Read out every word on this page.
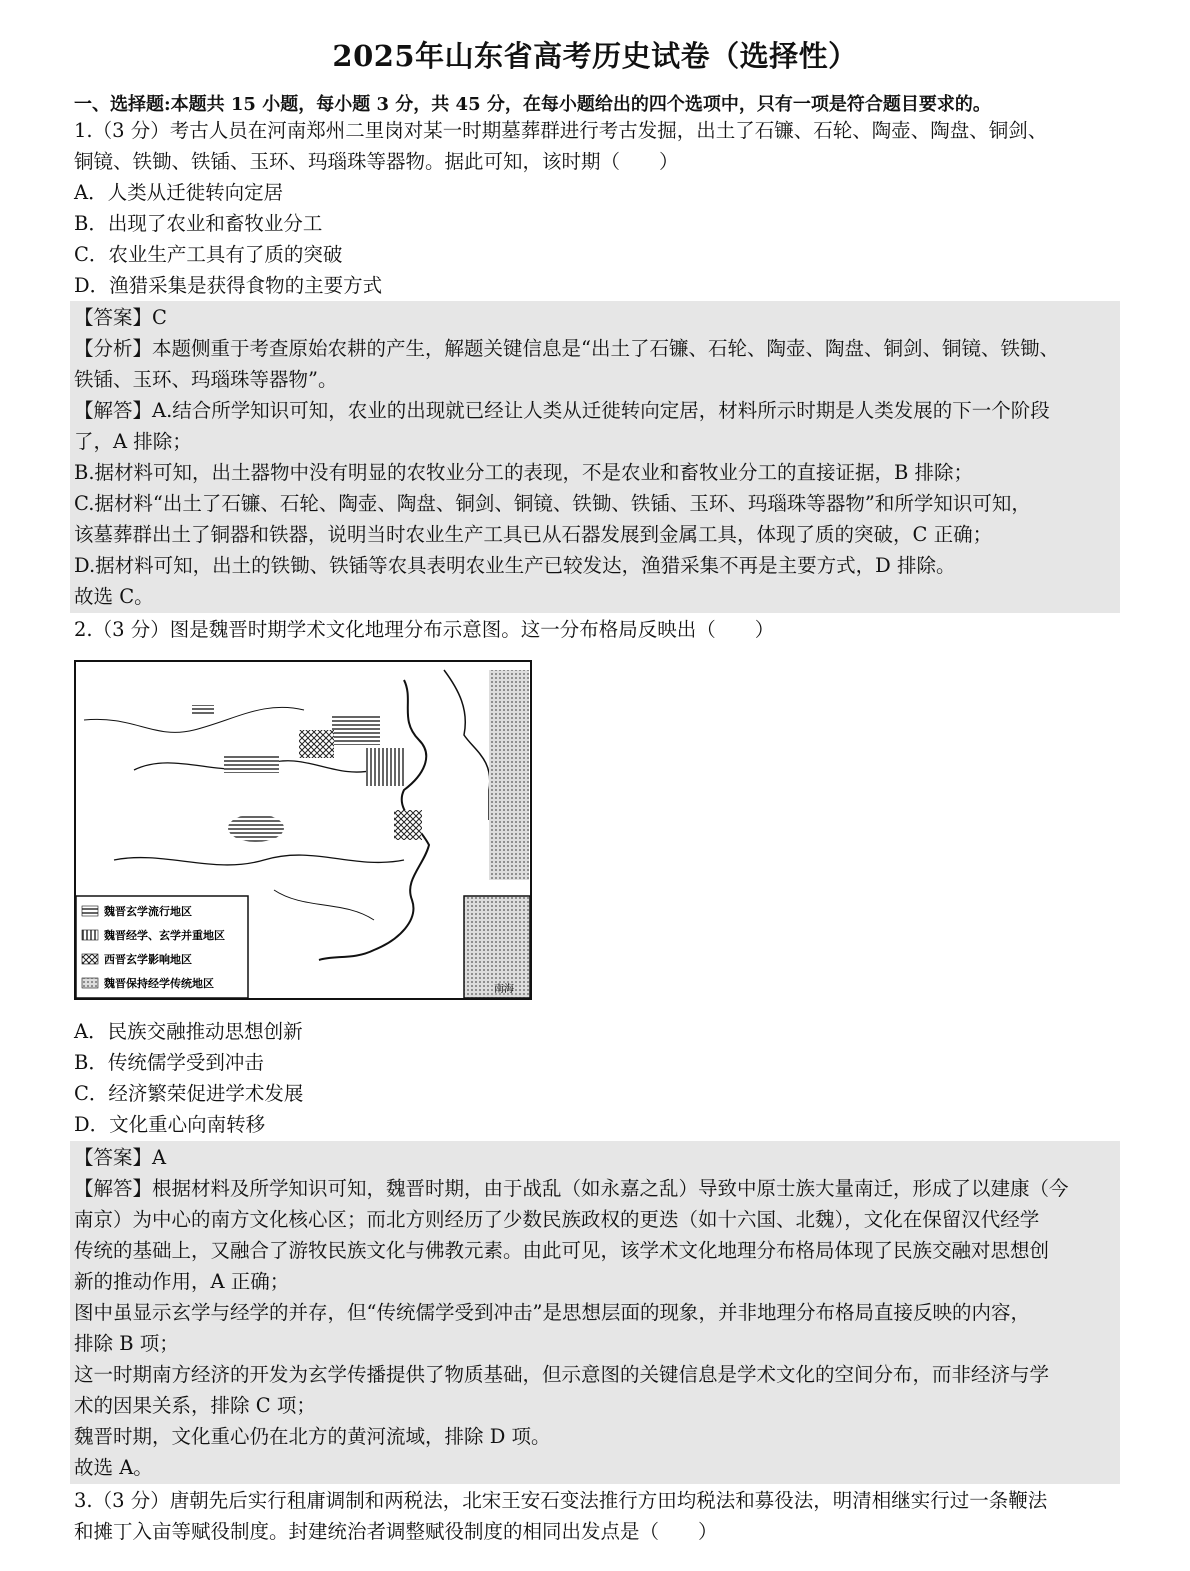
2025年山东省高考历史试卷（选择性）
一、选择题:本题共 15 小题，每小题 3 分，共 45 分，在每小题给出的四个选项中，只有一项是符合题目要求的。
1.（3 分）考古人员在河南郑州二里岗对某一时期墓葬群进行考古发掘，出土了石镰、石轮、陶壶、陶盘、铜剑、
铜镜、铁锄、铁锸、玉环、玛瑙珠等器物。据此可知，该时期（　　）
A．人类从迁徙转向定居
B．出现了农业和畜牧业分工
C．农业生产工具有了质的突破
D．渔猎采集是获得食物的主要方式
【答案】C
【分析】本题侧重于考查原始农耕的产生，解题关键信息是“出土了石镰、石轮、陶壶、陶盘、铜剑、铜镜、铁锄、
铁锸、玉环、玛瑙珠等器物”。
【解答】A.结合所学知识可知，农业的出现就已经让人类从迁徙转向定居，材料所示时期是人类发展的下一个阶段
了，A 排除；
B.据材料可知，出土器物中没有明显的农牧业分工的表现，不是农业和畜牧业分工的直接证据，B 排除；
C.据材料“出土了石镰、石轮、陶壶、陶盘、铜剑、铜镜、铁锄、铁锸、玉环、玛瑙珠等器物”和所学知识可知，
该墓葬群出土了铜器和铁器，说明当时农业生产工具已从石器发展到金属工具，体现了质的突破，C 正确；
D.据材料可知，出土的铁锄、铁锸等农具表明农业生产已较发达，渔猎采集不再是主要方式，D 排除。
故选 C。
2.（3 分）图是魏晋时期学术文化地理分布示意图。这一分布格局反映出（　　）
南海
魏晋玄学流行地区
魏晋经学、玄学并重地区
西晋玄学影响地区
魏晋保持经学传统地区
A．民族交融推动思想创新
B．传统儒学受到冲击
C．经济繁荣促进学术发展
D．文化重心向南转移
【答案】A
【解答】根据材料及所学知识可知，魏晋时期，由于战乱（如永嘉之乱）导致中原士族大量南迁，形成了以建康（今
南京）为中心的南方文化核心区；而北方则经历了少数民族政权的更迭（如十六国、北魏），文化在保留汉代经学
传统的基础上，又融合了游牧民族文化与佛教元素。由此可见，该学术文化地理分布格局体现了民族交融对思想创
新的推动作用，A 正确；
图中虽显示玄学与经学的并存，但“传统儒学受到冲击”是思想层面的现象，并非地理分布格局直接反映的内容，
排除 B 项；
这一时期南方经济的开发为玄学传播提供了物质基础，但示意图的关键信息是学术文化的空间分布，而非经济与学
术的因果关系，排除 C 项；
魏晋时期，文化重心仍在北方的黄河流域，排除 D 项。
故选 A。
3.（3 分）唐朝先后实行租庸调制和两税法，北宋王安石变法推行方田均税法和募役法，明清相继实行过一条鞭法
和摊丁入亩等赋役制度。封建统治者调整赋役制度的相同出发点是（　　）
